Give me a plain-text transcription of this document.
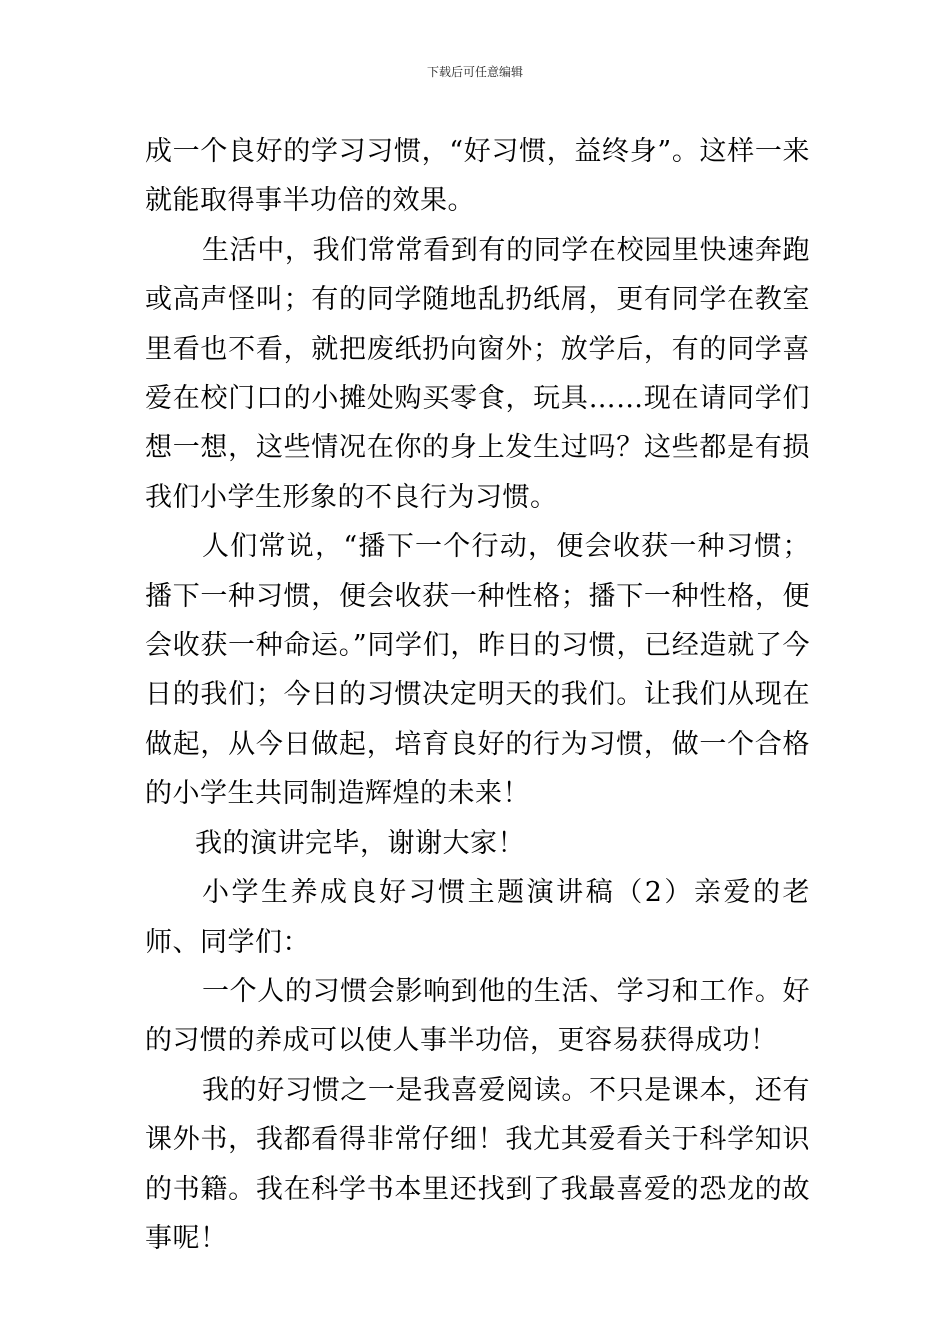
下载后可任意编辑

成一个良好的学习习惯，“好习惯，益终身”。这样一来就能取得事半功倍的效果。

生活中，我们常常看到有的同学在校园里快速奔跑或高声怪叫；有的同学随地乱扔纸屑，更有同学在教室里看也不看，就把废纸扔向窗外；放学后，有的同学喜爱在校门口的小摊处购买零食，玩具……现在请同学们想一想，这些情况在你的身上发生过吗？这些都是有损我们小学生形象的不良行为习惯。

人们常说，“播下一个行动，便会收获一种习惯；播下一种习惯，便会收获一种性格；播下一种性格，便会收获一种命运。”同学们，昨日的习惯，已经造就了今日的我们；今日的习惯决定明天的我们。让我们从现在做起，从今日做起，培育良好的行为习惯，做一个合格的小学生共同制造辉煌的未来！

我的演讲完毕，谢谢大家！

小学生养成良好习惯主题演讲稿（2）亲爱的老师、同学们：

一个人的习惯会影响到他的生活、学习和工作。好的习惯的养成可以使人事半功倍，更容易获得成功！

我的好习惯之一是我喜爱阅读。不只是课本，还有课外书，我都看得非常仔细！我尤其爱看关于科学知识的书籍。我在科学书本里还找到了我最喜爱的恐龙的故事呢！
